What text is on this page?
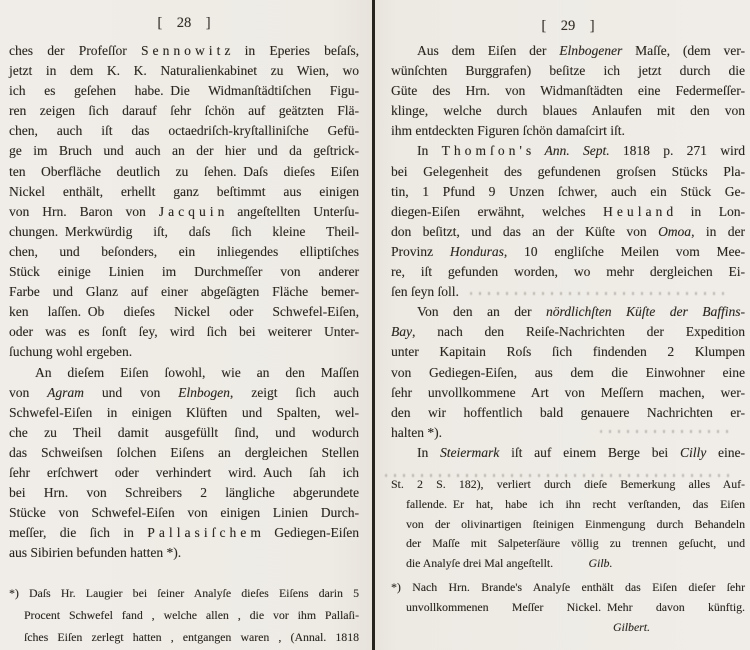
[  28  ]
ches der Profeſſor Sennowitz in Eperies beſaſs,
jetzt in dem K. K. Naturalienkabinet zu Wien, wo
ich es geſehen habe. Die Widmanſtädtiſchen Figu-
ren zeigen ſich darauf ſehr ſchön auf geätzten Flä-
chen, auch iſt das octaedriſch-kryſtalliniſche Gefü-
ge im Bruch und auch an der hier und da geſtrick-
ten Oberfläche deutlich zu ſehen. Daſs dieſes Eiſen
Nickel enthält, erhellt ganz beſtimmt aus einigen
von Hrn. Baron von Jacquin angeſtellten Unterſu-
chungen. Merkwürdig iſt, daſs ſich kleine Theil-
chen, und beſonders, ein inliegendes elliptiſches
Stück einige Linien im Durchmeſſer von anderer
Farbe und Glanz auf einer abgeſägten Fläche bemer-
ken laſſen. Ob dieſes Nickel oder Schwefel-Eiſen,
oder was es ſonſt ſey, wird ſich bei weiterer Unter-
ſuchung wohl ergeben.
An dieſem Eiſen ſowohl, wie an den Maſſen
von Agram und von Elnbogen, zeigt ſich auch
Schwefel-Eiſen in einigen Klüften und Spalten, wel-
che zu Theil damit ausgefüllt ſind, und wodurch
das Schweiſsen ſolchen Eiſens an dergleichen Stellen
ſehr erſchwert oder verhindert wird. Auch ſah ich
bei Hrn. von Schreibers 2 längliche abgerundete
Stücke von Schwefel-Eiſen von einigen Linien Durch-
meſſer, die ſich in Pallasiſchem Gediegen-Eiſen
aus Sibirien befunden hatten *).
*) Daſs Hr. Laugier bei ſeiner Analyſe dieſes Eiſens darin 5
Procent Schwefel fand , welche allen , die vor ihm Pallaſi-
ſches Eiſen zerlegt hatten , entgangen waren , (Annal. 1818
[  29  ]
Aus dem Eiſen der Elnbogener Maſſe, (dem ver-
wünſchten Burggrafen) beſitze ich jetzt durch die
Güte des Hrn. von Widmanſtädten eine Federmeſſer-
klinge, welche durch blaues Anlaufen mit den von
ihm entdeckten Figuren ſchön damaſcirt iſt.
In Thomſon's Ann. Sept. 1818 p. 271 wird
bei Gelegenheit des gefundenen groſsen Stücks Pla-
tin, 1 Pfund 9 Unzen ſchwer, auch ein Stück Ge-
diegen-Eiſen erwähnt, welches Heuland in Lon-
don beſitzt, und das an der Küſte von Omoa, in der
Provinz Honduras, 10 engliſche Meilen vom Mee-
re, iſt gefunden worden, wo mehr dergleichen Ei-
ſen ſeyn ſoll.
Von den an der nördlichſten Küſte der Baffins-
Bay, nach den Reiſe-Nachrichten der Expedition
unter Kapitain Roſs ſich findenden 2 Klumpen
von Gediegen-Eiſen, aus dem die Einwohner eine
ſehr unvollkommene Art von Meſſern machen, wer-
den wir hoffentlich bald genauere Nachrichten er-
halten *).
In Steiermark iſt auf einem Berge bei Cilly eine-
St. 2 S. 182), verliert durch dieſe Bemerkung alles Auf-
fallende. Er hat, habe ich ihn recht verſtanden, das Eiſen
von der olivinartigen ſteinigen Einmengung durch Behandeln
der Maſſe mit Salpeterſäure völlig zu trennen geſucht, und
die Analyſe drei Mal angeſtellt.   Gilb.
*) Nach Hrn. Brande's Analyſe enthält das Eiſen dieſer ſehr
unvollkommenen Meſſer Nickel. Mehr davon künftig.
Gilbert.
